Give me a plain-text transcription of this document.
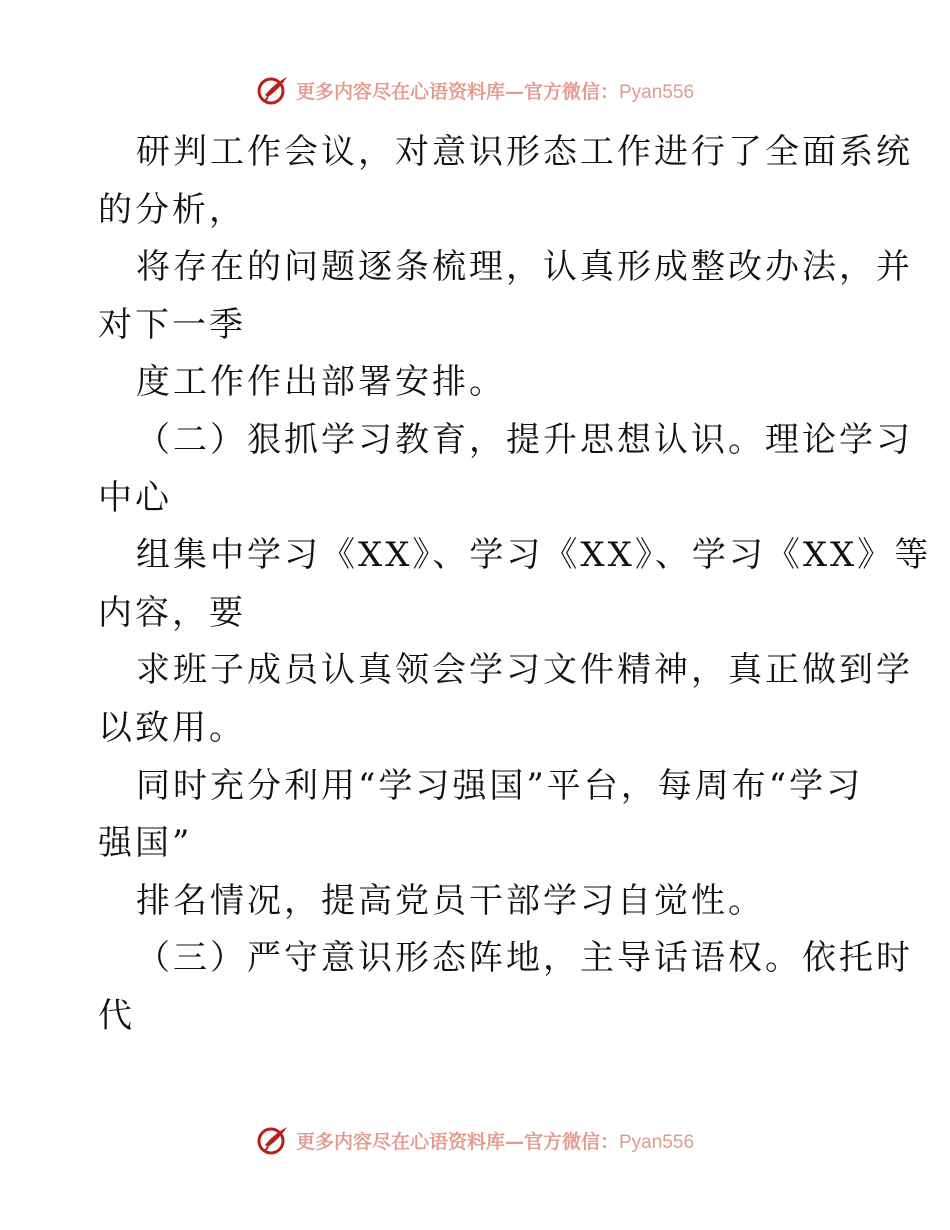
更多内容尽在心语资料库—官方微信：Pyan556
研判工作会议，对意识形态工作进行了全面系统
的分析，
将存在的问题逐条梳理，认真形成整改办法，并
对下一季
度工作作出部署安排。
（二）狠抓学习教育，提升思想认识。理论学习
中心
组集中学习《XX》、学习《XX》、学习《XX》等
内容，要
求班子成员认真领会学习文件精神，真正做到学
以致用。
同时充分利用“学习强国”平台，每周布“学习
强国”
排名情况，提高党员干部学习自觉性。
（三）严守意识形态阵地，主导话语权。依托时
代
更多内容尽在心语资料库—官方微信：Pyan556
